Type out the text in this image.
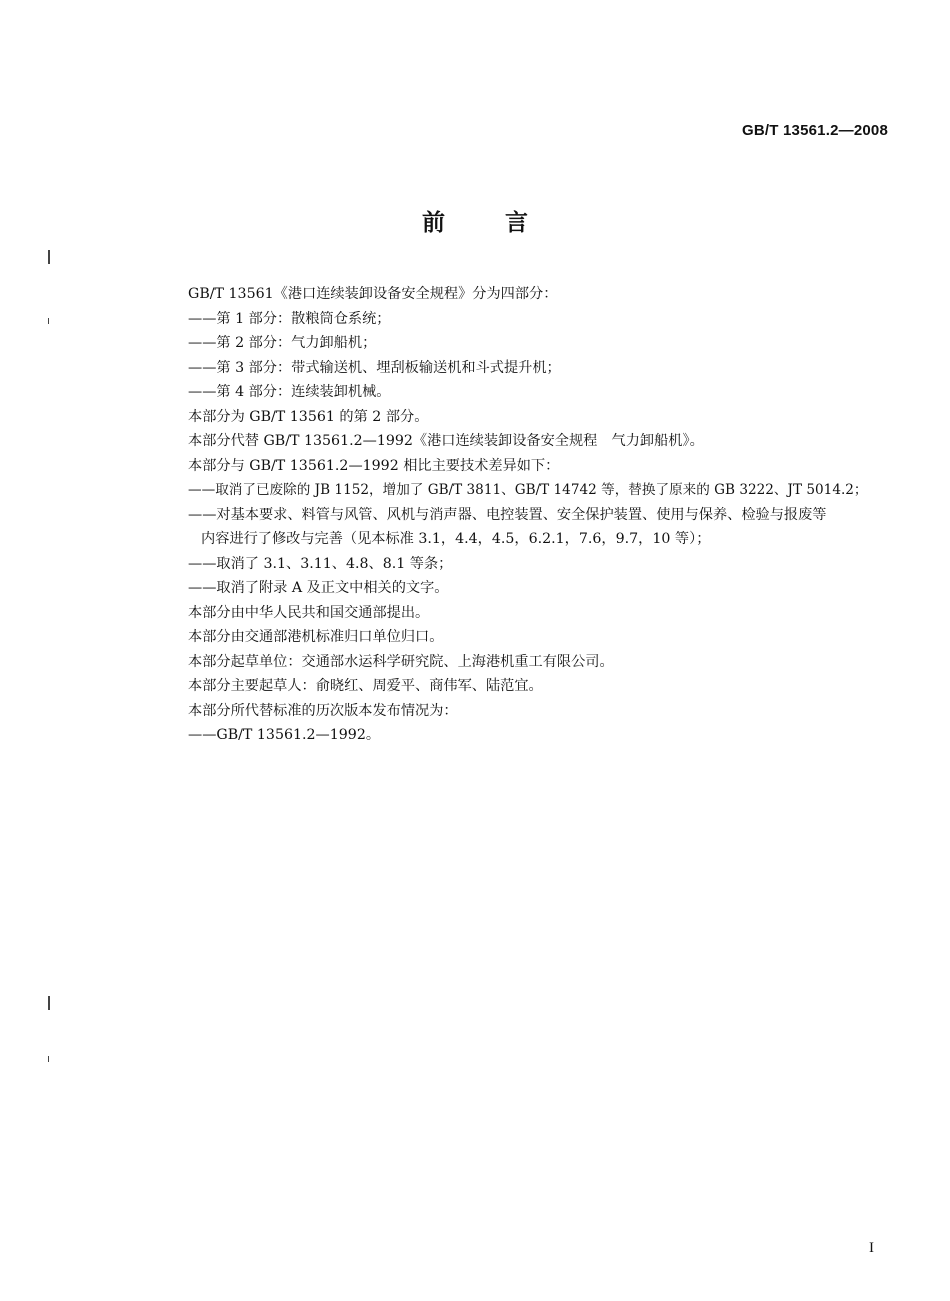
GB/T 13561.2—2008
前	言
GB/T 13561《港口连续装卸设备安全规程》分为四部分：
——第 1 部分：散粮筒仓系统；
——第 2 部分：气力卸船机；
——第 3 部分：带式输送机、埋刮板输送机和斗式提升机；
——第 4 部分：连续装卸机械。
本部分为 GB/T 13561 的第 2 部分。
本部分代替 GB/T 13561.2—1992《港口连续装卸设备安全规程　气力卸船机》。
本部分与 GB/T 13561.2—1992 相比主要技术差异如下：
——取消了已废除的 JB 1152，增加了 GB/T 3811、GB/T 14742 等，替换了原来的 GB 3222、JT 5014.2；
——对基本要求、料管与风管、风机与消声器、电控装置、安全保护装置、使用与保养、检验与报废等
内容进行了修改与完善（见本标准 3.1，4.4，4.5，6.2.1，7.6，9.7，10 等）；
——取消了 3.1、3.11、4.8、8.1 等条；
——取消了附录 A 及正文中相关的文字。
本部分由中华人民共和国交通部提出。
本部分由交通部港机标准归口单位归口。
本部分起草单位：交通部水运科学研究院、上海港机重工有限公司。
本部分主要起草人：俞晓红、周爱平、商伟军、陆范宜。
本部分所代替标准的历次版本发布情况为：
——GB/T 13561.2—1992。
I
